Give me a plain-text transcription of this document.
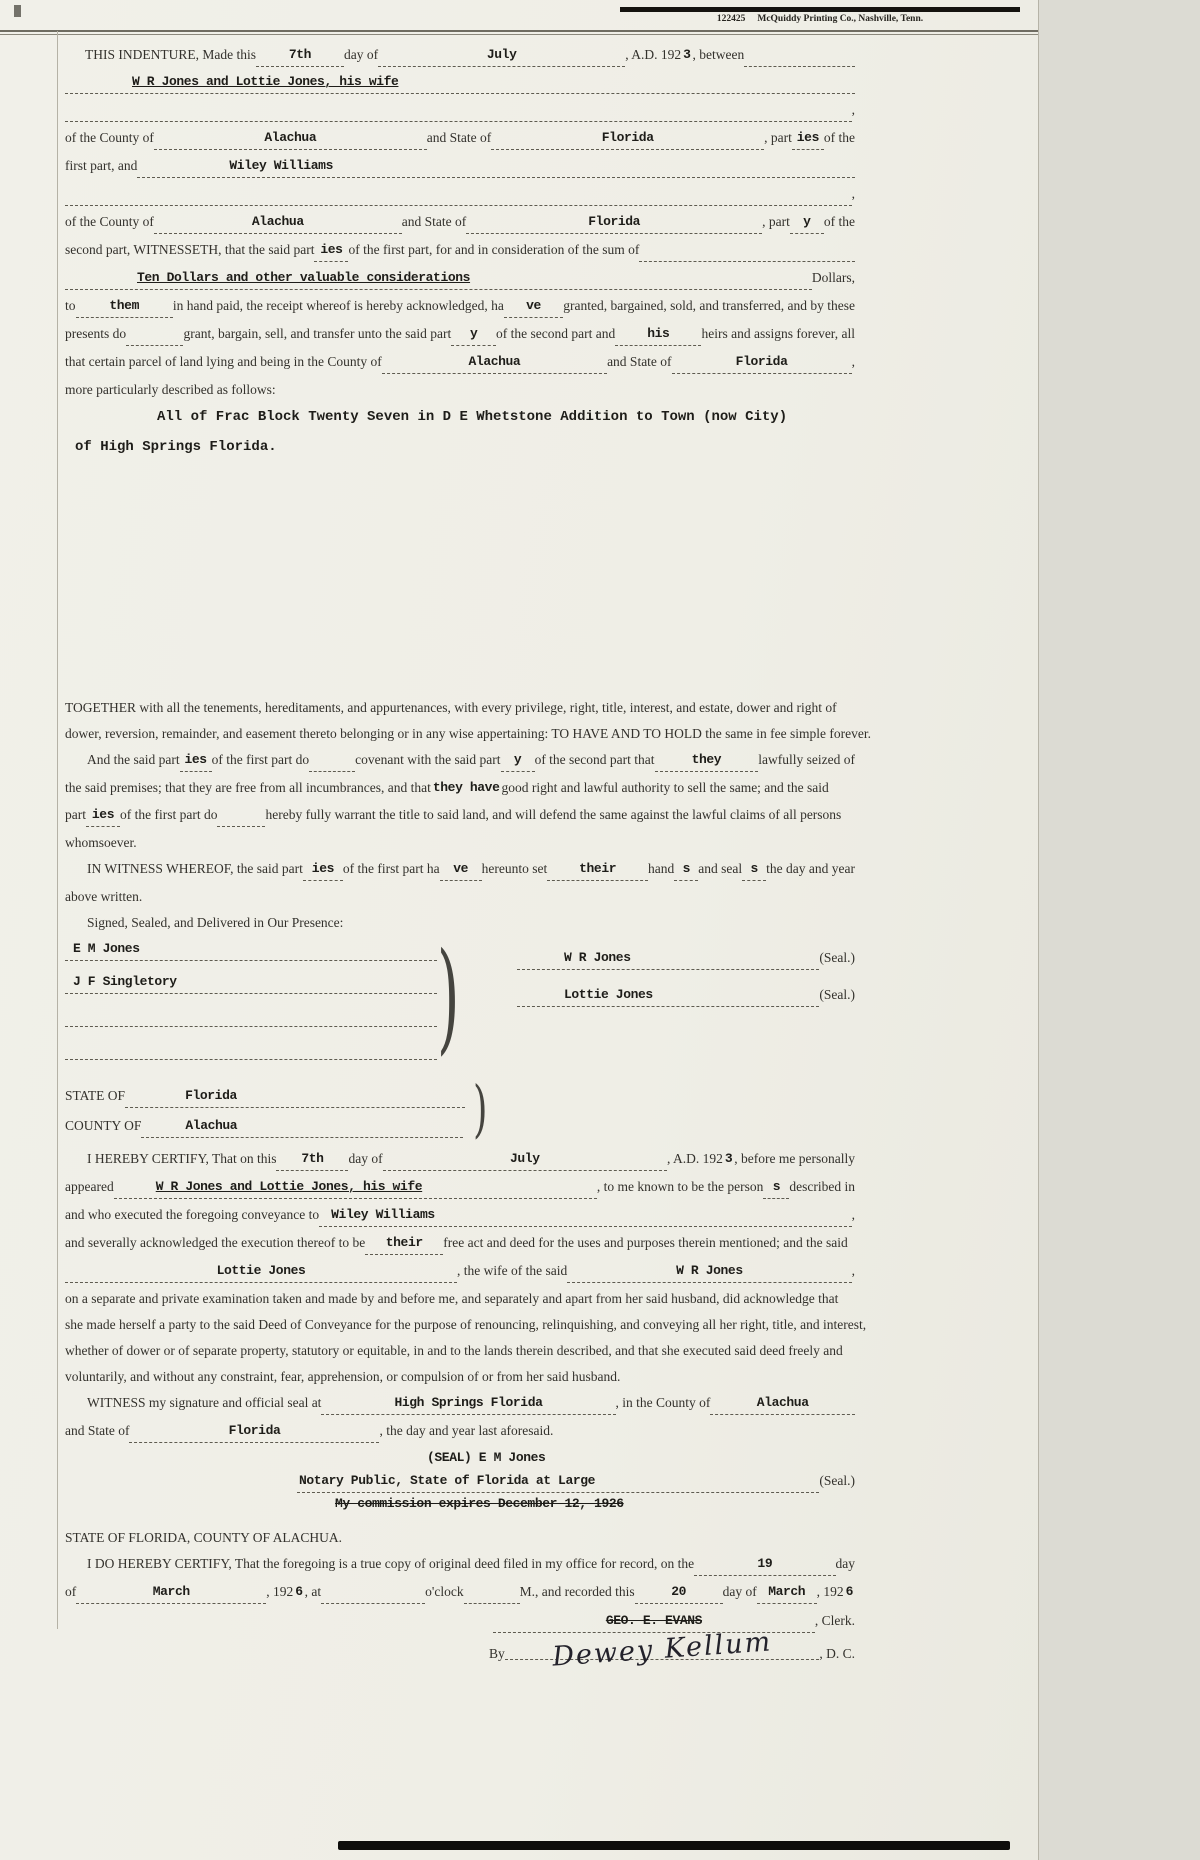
122425 McQuiddy Printing Co., Nashville, Tenn.
THIS INDENTURE, Made this	7th day of	July	, A.D. 192 3 , between
W R Jones and Lottie Jones, his wife
,
of the County of	Alachua	and State of	Florida	, part ies of the
first part, and	Wiley Williams
,
of the County of	Alachua	and State of	Florida	, part y of the
second part, WITNESSETH, that the said part ies of the first part, for and in consideration of the sum of
Ten Dollars and other valuable considerations	Dollars,
to	them	in hand paid, the receipt whereof is hereby acknowledged, ha ve granted, bargained, sold, and transferred, and by these
presents do	grant, bargain, sell, and transfer unto the said part y of the second part and his heirs and assigns forever, all
that certain parcel of land lying and being in the County of	Alachua	and State of	Florida	,
more particularly described as follows:
All of Frac Block Twenty Seven in D E Whetstone Addition to Town (now City)
of High Springs Florida.
TOGETHER with all the tenements, hereditaments, and appurtenances, with every privilege, right, title, interest, and estate, dower and right of
dower, reversion, remainder, and easement thereto belonging or in any wise appertaining: TO HAVE AND TO HOLD the same in fee simple forever.
And the said part ies of the first part do	covenant with the said part y of the second part that	they	lawfully seized of
the said premises; that they are free from all incumbrances, and that they have good right and lawful authority to sell the same; and the said
part ies of the first part do	hereby fully warrant the title to said land, and will defend the same against the lawful claims of all persons
whomsoever.
IN WITNESS WHEREOF, the said part ies of the first part ha ve hereunto set their hand s and seal s the day and year
above written.
Signed, Sealed, and Delivered in Our Presence:
E M Jones
J F Singletory )	W R Jones	(Seal.)
Lottie Jones	(Seal.)
STATE OF	Florida
COUNTY OF	Alachua	)
I HEREBY CERTIFY, That on this 7th day of	July	, A.D. 192 3 , before me personally
appeared	W R Jones and Lottie Jones, his wife	, to me known to be the person s described in
and who executed the foregoing conveyance to Wiley Williams	,
and severally acknowledged the execution thereof to be their free act and deed for the uses and purposes therein mentioned; and the said
Lottie Jones	, the wife of the said	W R Jones	,
on a separate and private examination taken and made by and before me, and separately and apart from her said husband, did acknowledge that
she made herself a party to the said Deed of Conveyance for the purpose of renouncing, relinquishing, and conveying all her right, title, and interest,
whether of dower or of separate property, statutory or equitable, in and to the lands therein described, and that she executed said deed freely and
voluntarily, and without any constraint, fear, apprehension, or compulsion of or from her said husband.
WITNESS my signature and official seal at	High Springs Florida	, in the County of	Alachua
and State of	Florida	, the day and year last aforesaid.
(SEAL) E M Jones
Notary Public, State of Florida at Large	(Seal.)
My commission expires December 12, 1926
STATE OF FLORIDA, COUNTY OF ALACHUA.
I DO HEREBY CERTIFY, That the foregoing is a true copy of original deed filed in my office for record, on the	19	day
of	March	, 192 6 , at	o'clock	M., and recorded this	20	day of March , 192 6
GEO. E. EVANS	, Clerk.
By Dewey Kellum	, D. C.
